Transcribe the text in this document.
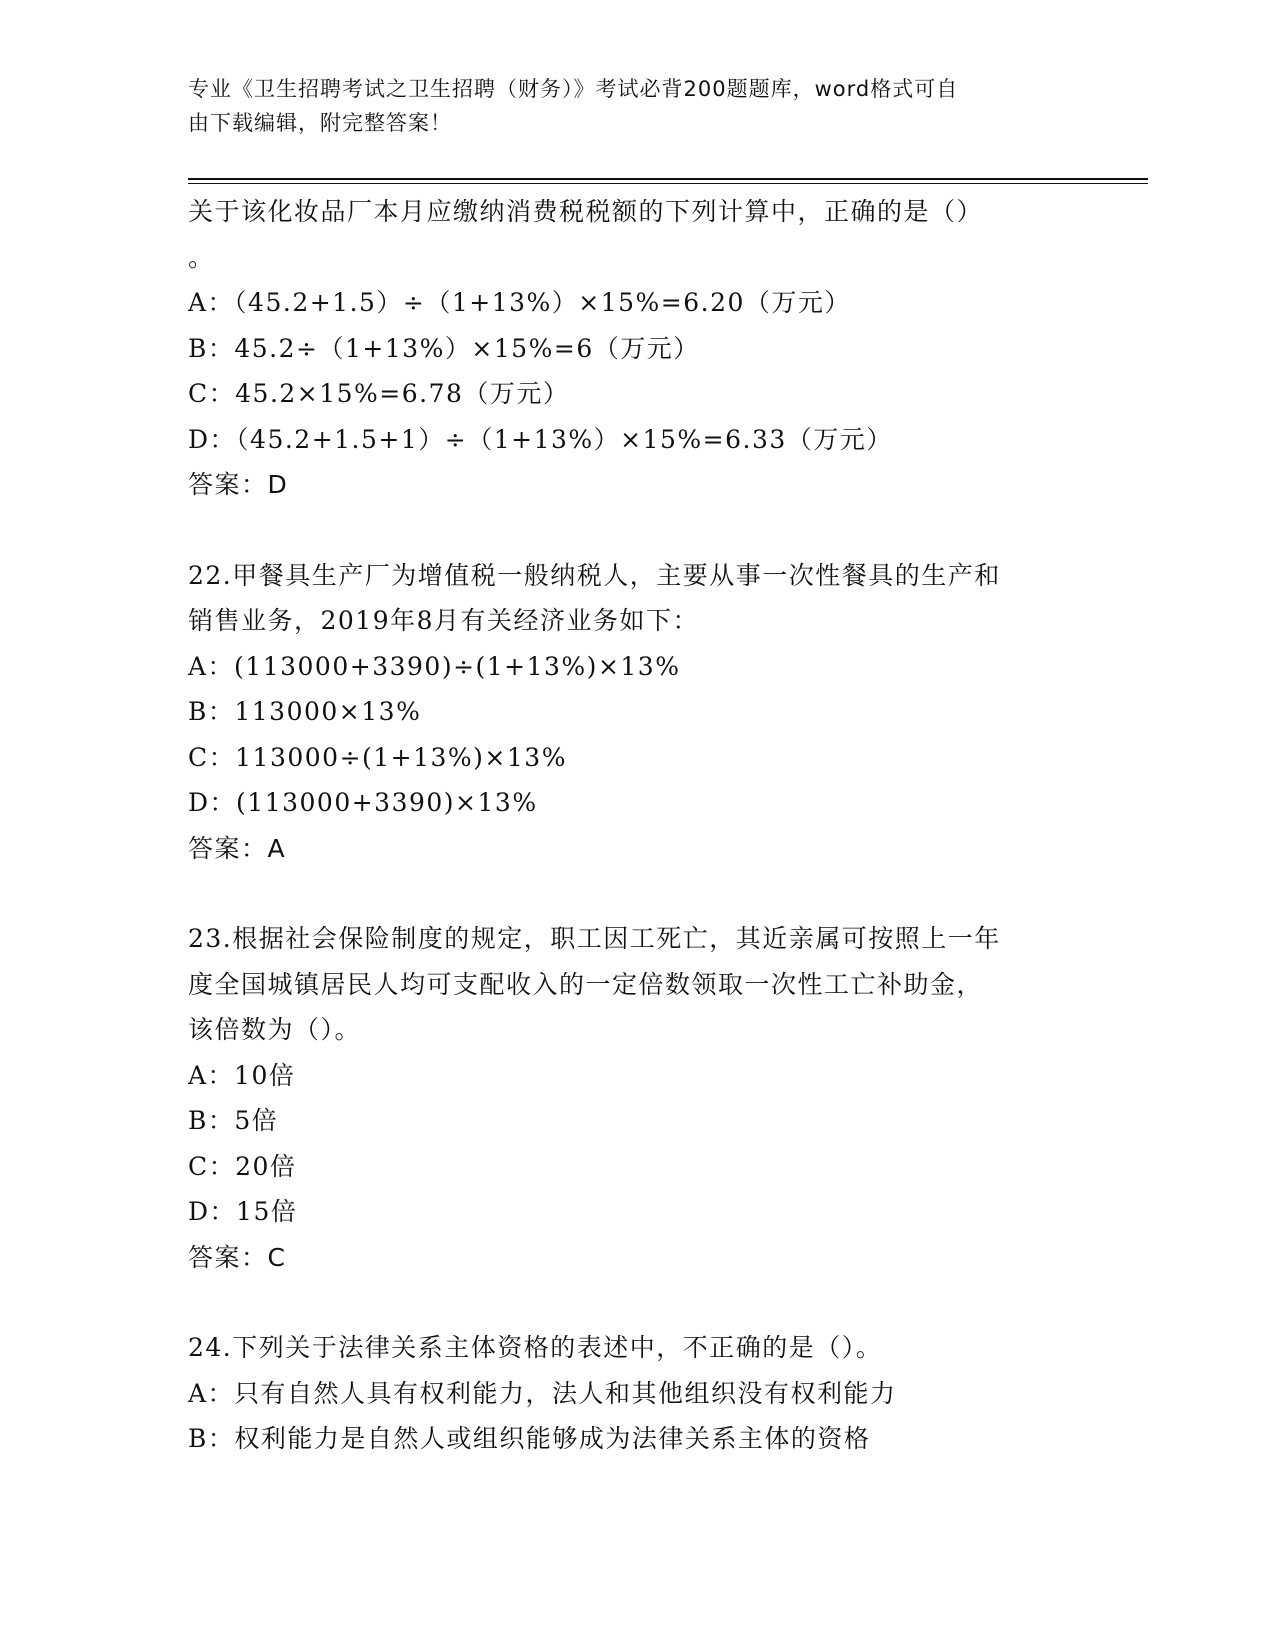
专业《卫生招聘考试之卫生招聘（财务）》考试必背200题题库，word格式可自
由下载编辑，附完整答案！
关于该化妆品厂本月应缴纳消费税税额的下列计算中，正确的是（）
。
A：（45.2+1.5）÷（1+13%）×15%=6.20（万元）
B：45.2÷（1+13%）×15%=6（万元）
C：45.2×15%=6.78（万元）
D：（45.2+1.5+1）÷（1+13%）×15%=6.33（万元）
答案：D
22.甲餐具生产厂为增值税一般纳税人，主要从事一次性餐具的生产和
销售业务，2019年8月有关经济业务如下：
A：(113000+3390)÷(1+13%)×13%
B：113000×13%
C：113000÷(1+13%)×13%
D：(113000+3390)×13%
答案：A
23.根据社会保险制度的规定，职工因工死亡，其近亲属可按照上一年
度全国城镇居民人均可支配收入的一定倍数领取一次性工亡补助金，
该倍数为（）。
A：10倍
B：5倍
C：20倍
D：15倍
答案：C
24.下列关于法律关系主体资格的表述中，不正确的是（）。
A：只有自然人具有权利能力，法人和其他组织没有权利能力
B：权利能力是自然人或组织能够成为法律关系主体的资格
